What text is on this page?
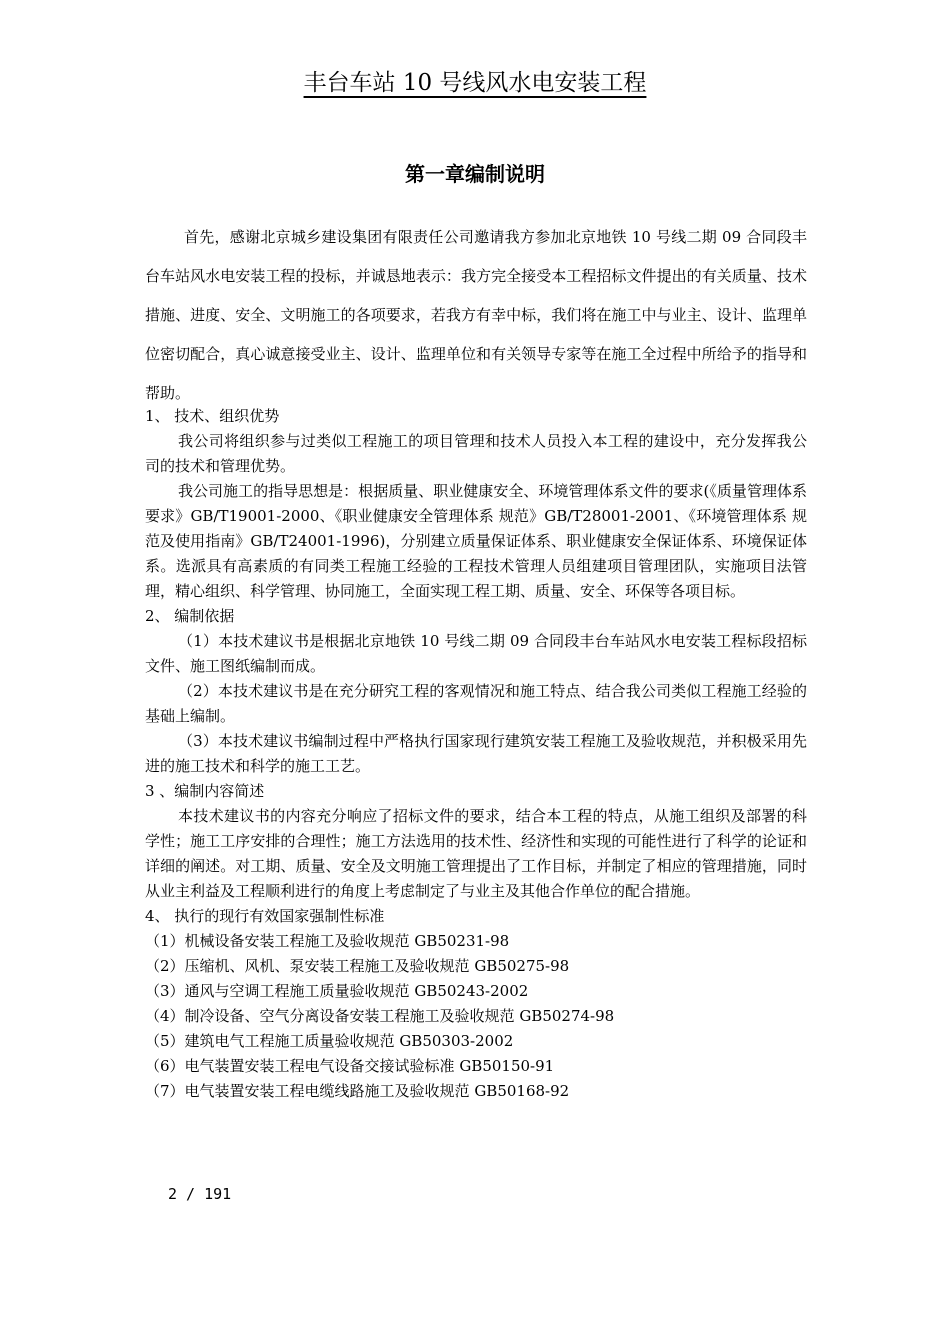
丰台车站 10 号线风水电安装工程
第一章编制说明
首先，感谢北京城乡建设集团有限责任公司邀请我方参加北京地铁 10 号线二期 09 合同段丰台车站风水电安装工程的投标，并诚恳地表示：我方完全接受本工程招标文件提出的有关质量、技术措施、进度、安全、文明施工的各项要求，若我方有幸中标，我们将在施工中与业主、设计、监理单位密切配合，真心诚意接受业主、设计、监理单位和有关领导专家等在施工全过程中所给予的指导和帮助。

1、 技术、组织优势

我公司将组织参与过类似工程施工的项目管理和技术人员投入本工程的建设中，充分发挥我公司的技术和管理优势。

我公司施工的指导思想是：根据质量、职业健康安全、环境管理体系文件的要求(《质量管理体系 要求》GB/T19001-2000、《职业健康安全管理体系 规范》GB/T28001-2001、《环境管理体系 规范及使用指南》GB/T24001-1996)，分别建立质量保证体系、职业健康安全保证体系、环境保证体系。选派具有高素质的有同类工程施工经验的工程技术管理人员组建项目管理团队，实施项目法管理，精心组织、科学管理、协同施工，全面实现工程工期、质量、安全、环保等各项目标。

2、 编制依据

（1）本技术建议书是根据北京地铁 10 号线二期 09 合同段丰台车站风水电安装工程标段招标文件、施工图纸编制而成。

（2）本技术建议书是在充分研究工程的客观情况和施工特点、结合我公司类似工程施工经验的基础上编制。

（3）本技术建议书编制过程中严格执行国家现行建筑安装工程施工及验收规范，并积极采用先进的施工技术和科学的施工工艺。

3 、编制内容简述

本技术建议书的内容充分响应了招标文件的要求，结合本工程的特点，从施工组织及部署的科学性；施工工序安排的合理性；施工方法选用的技术性、经济性和实现的可能性进行了科学的论证和详细的阐述。对工期、质量、安全及文明施工管理提出了工作目标，并制定了相应的管理措施，同时从业主利益及工程顺利进行的角度上考虑制定了与业主及其他合作单位的配合措施。

4、 执行的现行有效国家强制性标准

（1）机械设备安装工程施工及验收规范 GB50231-98

（2）压缩机、风机、泵安装工程施工及验收规范 GB50275-98

（3）通风与空调工程施工质量验收规范 GB50243-2002

（4）制冷设备、空气分离设备安装工程施工及验收规范 GB50274-98

（5）建筑电气工程施工质量验收规范 GB50303-2002

（6）电气装置安装工程电气设备交接试验标准 GB50150-91

（7）电气装置安装工程电缆线路施工及验收规范 GB50168-92

2 / 191
